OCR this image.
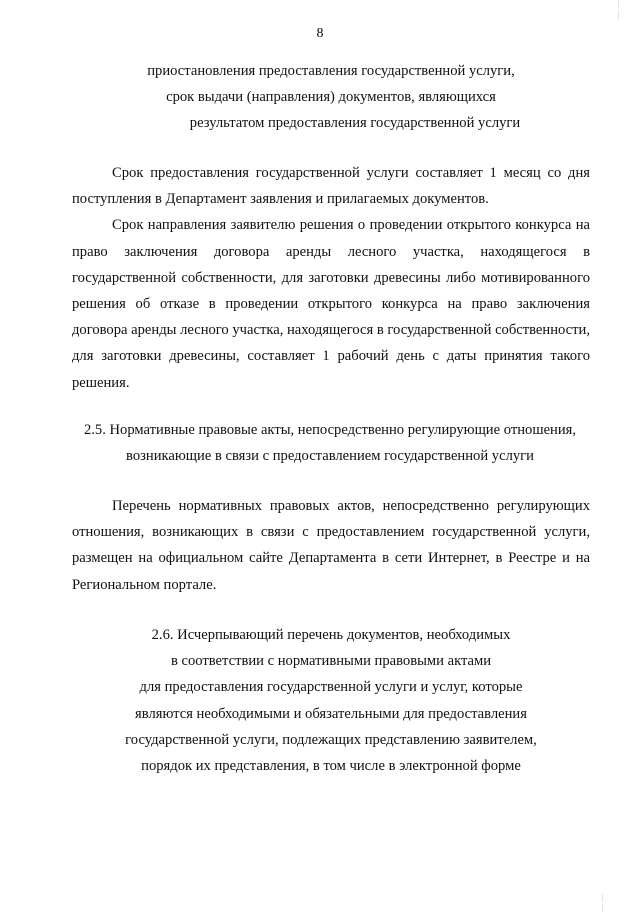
| |
8
приостановления предоставления государственной услуги,
срок выдачи (направления) документов, являющихся
результатом предоставления государственной услуги

Срок предоставления государственной услуги составляет 1 месяц со дня поступления в Департамент заявления и прилагаемых документов.

Срок направления заявителю решения о проведении открытого конкурса на право заключения договора аренды лесного участка, находящегося в государственной собственности, для заготовки древесины либо мотивированного решения об отказе в проведении открытого конкурса на право заключения договора аренды лесного участка, находящегося в государственной собственности, для заготовки древесины, составляет 1 рабочий день с даты принятия такого решения.

2.5. Нормативные правовые акты, непосредственно регулирующие отношения,
возникающие в связи с предоставлением государственной услуги

Перечень нормативных правовых актов, непосредственно регулирующих отношения, возникающих в связи с предоставлением государственной услуги, размещен на официальном сайте Департамента в сети Интернет, в Реестре и на Региональном портале.

2.6. Исчерпывающий перечень документов, необходимых
в соответствии с нормативными правовыми актами
для предоставления государственной услуги и услуг, которые
являются необходимыми и обязательными для предоставления
государственной услуги, подлежащих представлению заявителем,
порядок их представления, в том числе в электронной форме
| |
